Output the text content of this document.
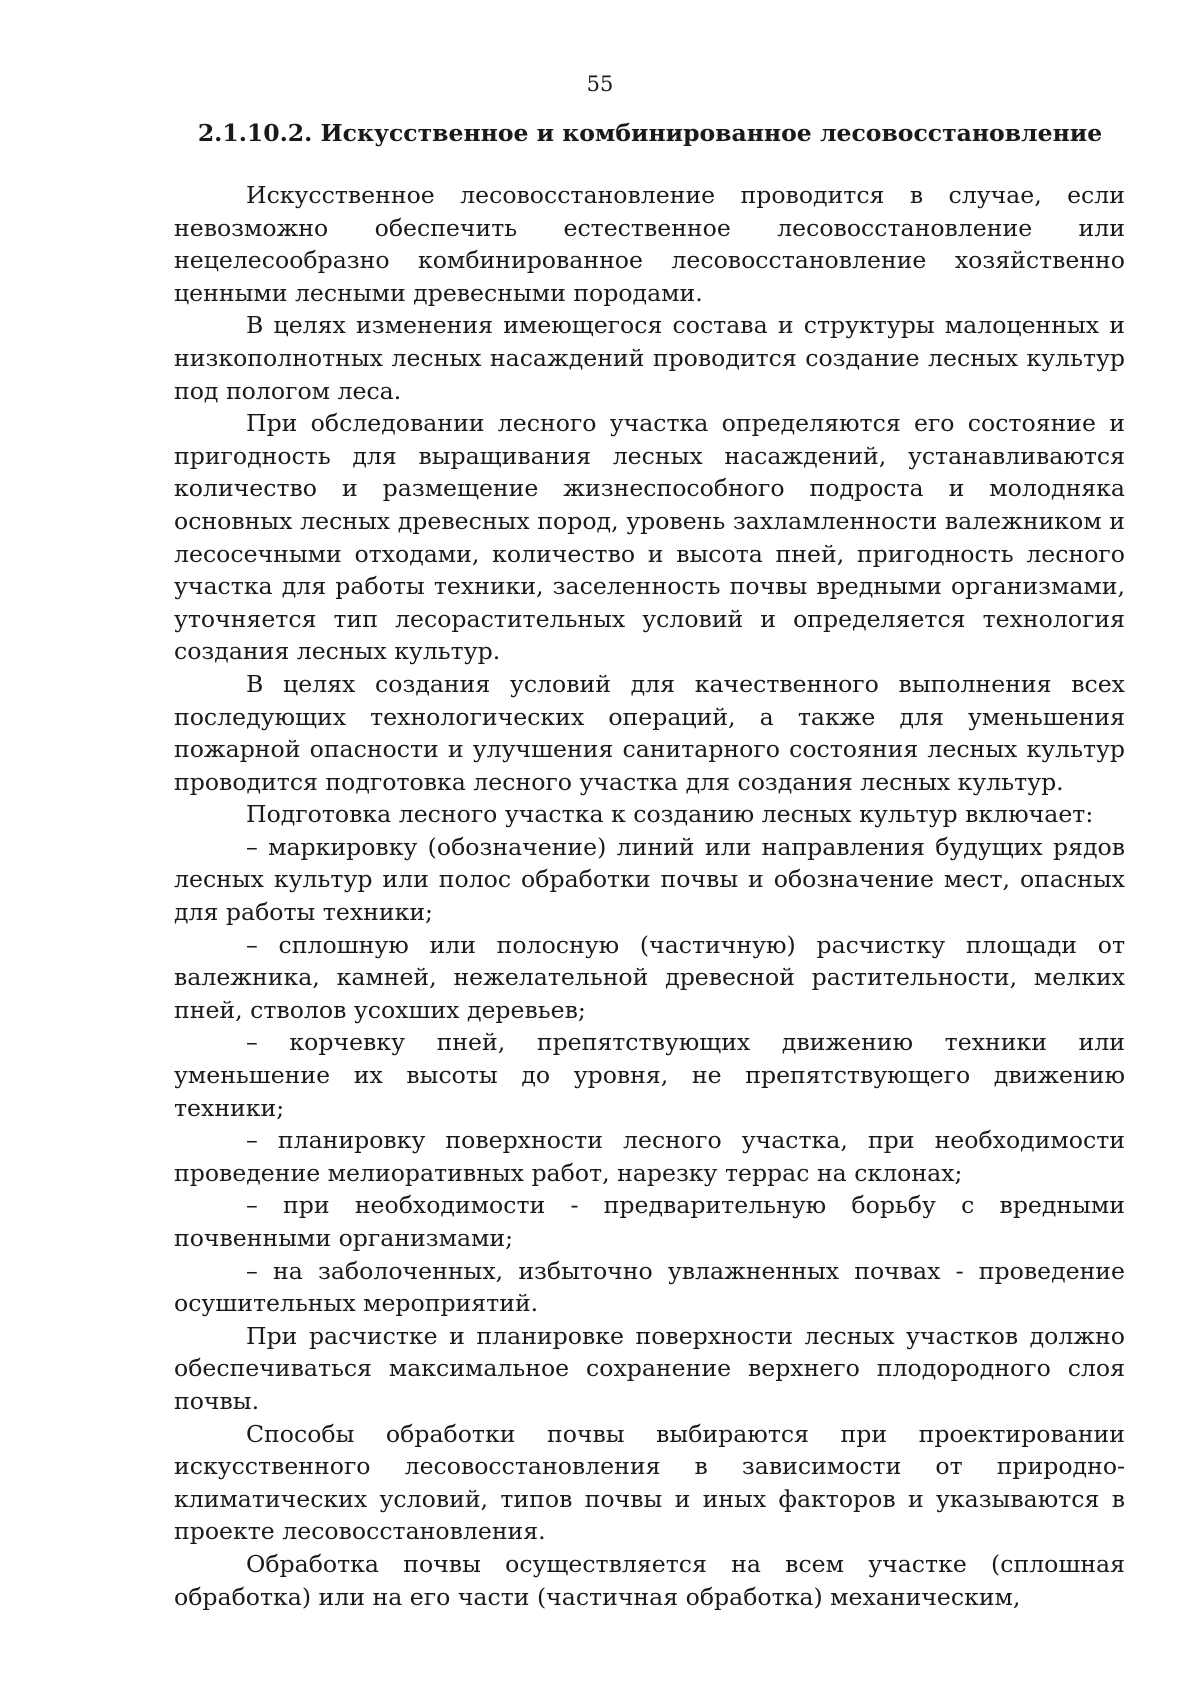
55
2.1.10.2. Искусственное и комбинированное лесовосстановление

Искусственное лесовосстановление проводится в случае, если невозможно обеспечить естественное лесовосстановление или нецелесообразно комбинированное лесовосстановление хозяйственно ценными лесными древесными породами.

В целях изменения имеющегося состава и структуры малоценных и низкополнотных лесных насаждений проводится создание лесных культур под пологом леса.

При обследовании лесного участка определяются его состояние и пригодность для выращивания лесных насаждений, устанавливаются количество и размещение жизнеспособного подроста и молодняка основных лесных древесных пород, уровень захламленности валежником и лесосечными отходами, количество и высота пней, пригодность лесного участка для работы техники, заселенность почвы вредными организмами, уточняется тип лесорастительных условий и определяется технология создания лесных культур.

В целях создания условий для качественного выполнения всех последующих технологических операций, а также для уменьшения пожарной опасности и улучшения санитарного состояния лесных культур проводится подготовка лесного участка для создания лесных культур.

Подготовка лесного участка к созданию лесных культур включает:

– маркировку (обозначение) линий или направления будущих рядов лесных культур или полос обработки почвы и обозначение мест, опасных для работы техники;

– сплошную или полосную (частичную) расчистку площади от валежника, камней, нежелательной древесной растительности, мелких пней, стволов усохших деревьев;

– корчевку пней, препятствующих движению техники или уменьшение их высоты до уровня, не препятствующего движению техники;

– планировку поверхности лесного участка, при необходимости проведение мелиоративных работ, нарезку террас на склонах;

– при необходимости - предварительную борьбу с вредными почвенными организмами;

– на заболоченных, избыточно увлажненных почвах - проведение осушительных мероприятий.

При расчистке и планировке поверхности лесных участков должно обеспечиваться максимальное сохранение верхнего плодородного слоя почвы.

Способы обработки почвы выбираются при проектировании искусственного лесовосстановления в зависимости от природно-климатических условий, типов почвы и иных факторов и указываются в проекте лесовосстановления.

Обработка почвы осуществляется на всем участке (сплошная обработка) или на его части (частичная обработка) механическим,
